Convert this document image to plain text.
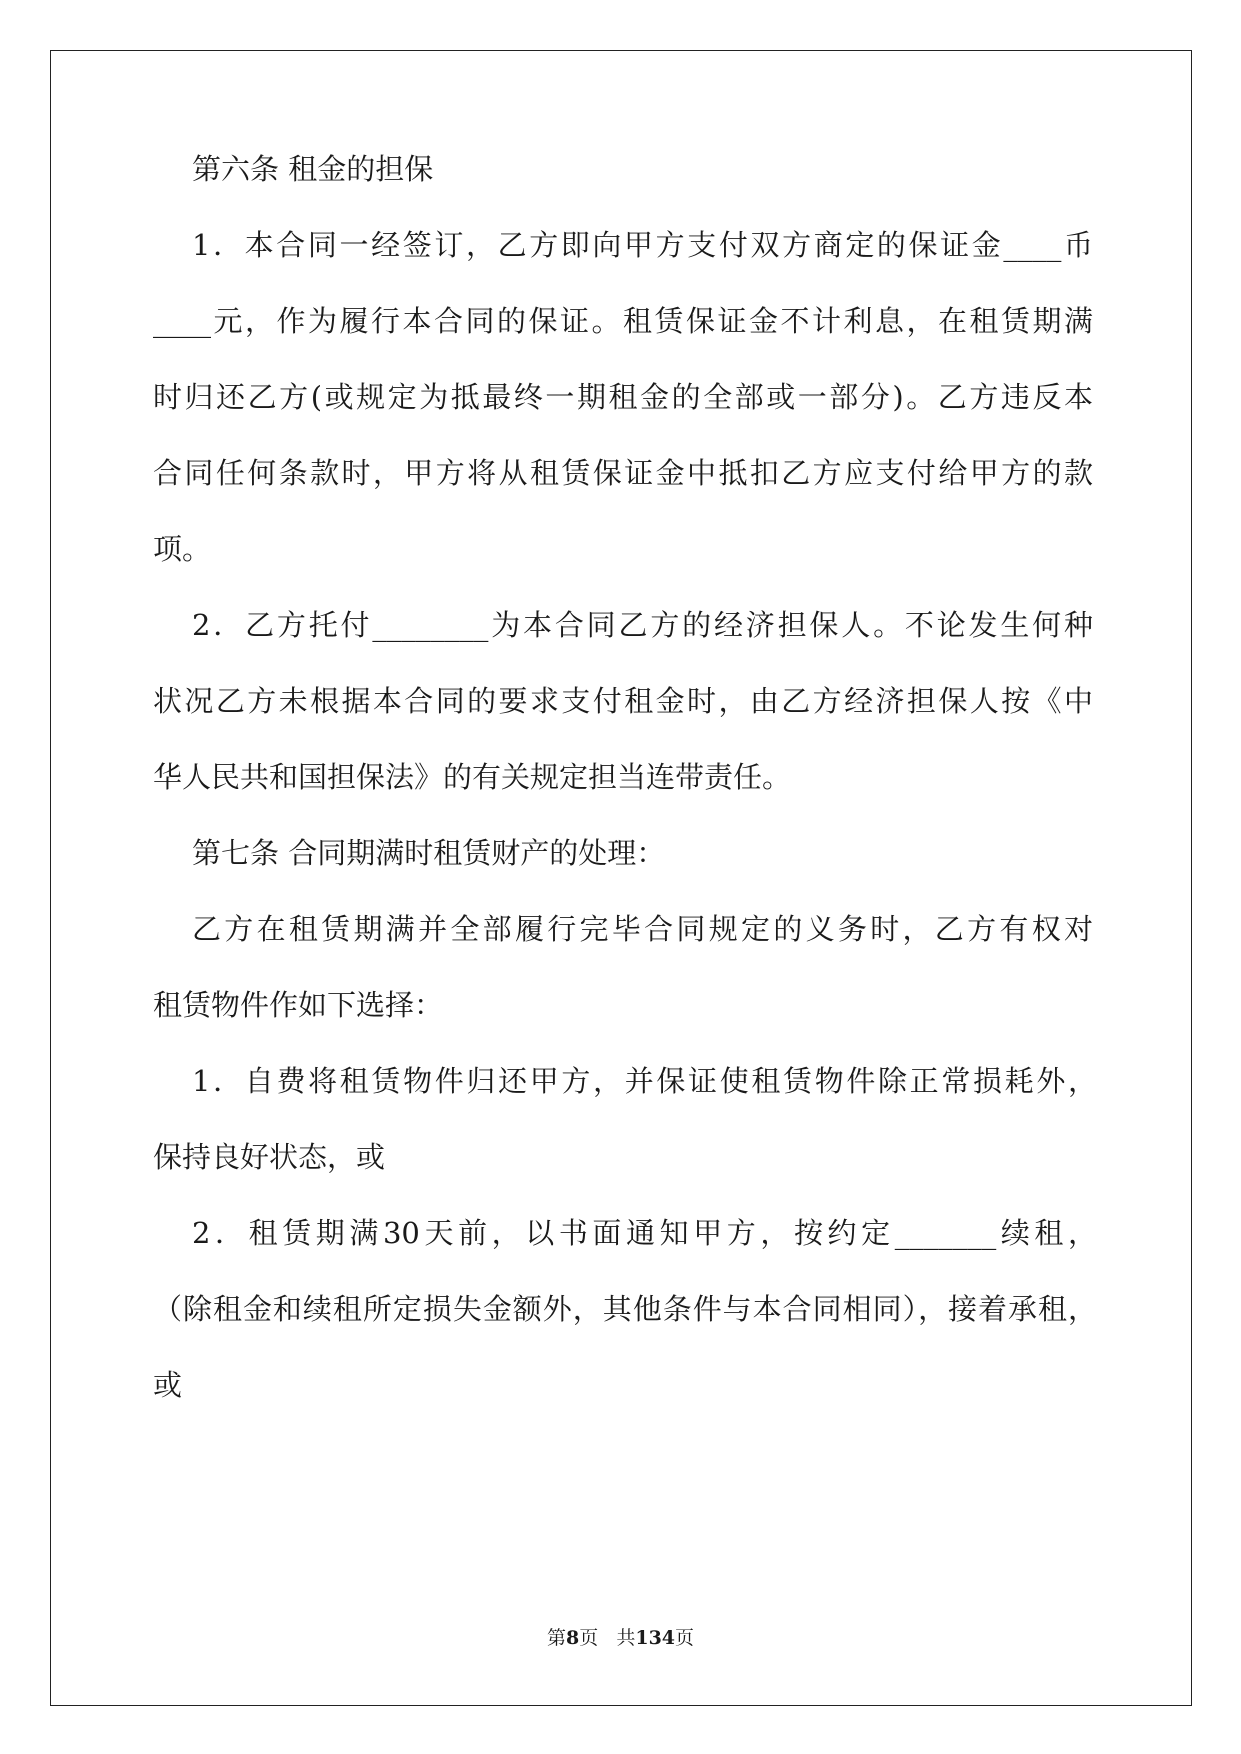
第六条 租金的担保
1．本合同一经签订，乙方即向甲方支付双方商定的保证金____币
____元，作为履行本合同的保证。租赁保证金不计利息，在租赁期满
时归还乙方(或规定为抵最终一期租金的全部或一部分)。乙方违反本
合同任何条款时，甲方将从租赁保证金中抵扣乙方应支付给甲方的款
项。
2．乙方托付________为本合同乙方的经济担保人。不论发生何种
状况乙方未根据本合同的要求支付租金时，由乙方经济担保人按《中
华人民共和国担保法》的有关规定担当连带责任。
第七条 合同期满时租赁财产的处理：
乙方在租赁期满并全部履行完毕合同规定的义务时，乙方有权对
租赁物件作如下选择：
1．自费将租赁物件归还甲方，并保证使租赁物件除正常损耗外，
保持良好状态，或
2．租赁期满30天前，以书面通知甲方，按约定_______续租，
（除租金和续租所定损失金额外，其他条件与本合同相同），接着承租，
或
第8页   共134页
